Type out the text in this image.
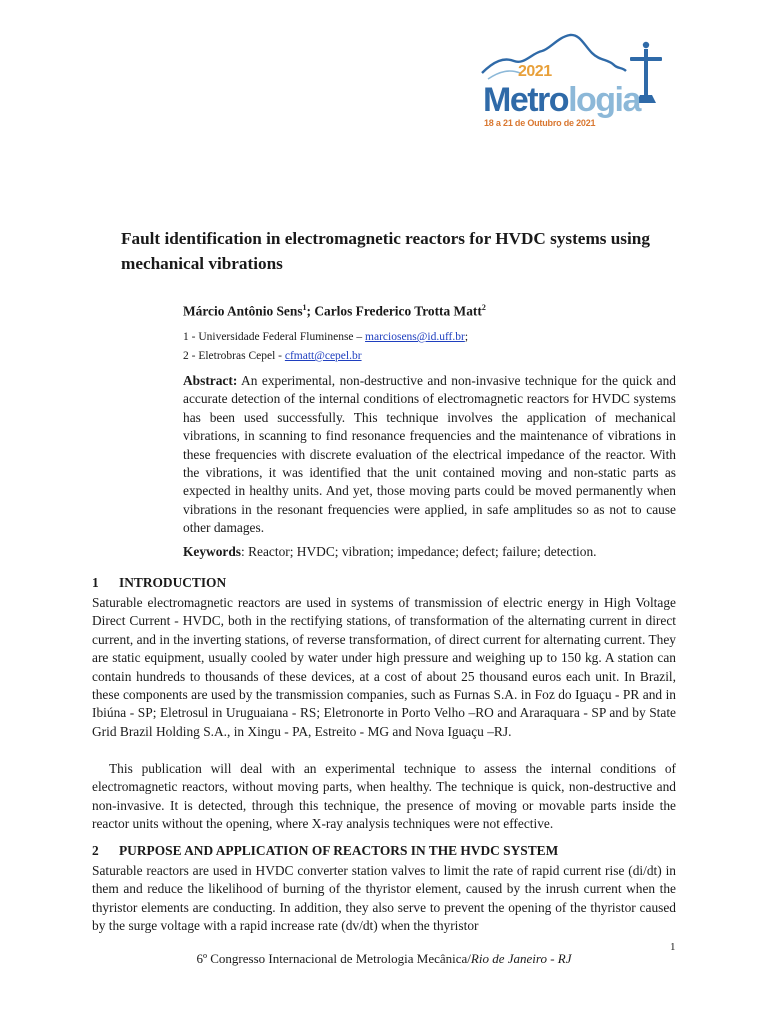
2021
Metrologia
18 a 21 de Outubro de 2021
Fault identification in electromagnetic reactors for HVDC systems using mechanical vibrations
Márcio Antônio Sens$^1$; Carlos Frederico Trotta Matt$^2$
1 - Universidade Federal Fluminense – marciosens@id.uff.br;
2 - Eletrobras Cepel - cfmatt@cepel.br

Abstract: An experimental, non-destructive and non-invasive technique for the quick and accurate detection of the internal conditions of electromagnetic reactors for HVDC systems has been used successfully. This technique involves the application of mechanical vibrations, in scanning to find resonance frequencies and the maintenance of vibrations in these frequencies with discrete evaluation of the electrical impedance of the reactor. With the vibrations, it was identified that the unit contained moving and non-static parts as expected in healthy units. And yet, those moving parts could be moved permanently when vibrations in the resonant frequencies were applied, in safe amplitudes so as not to cause other damages.

Keywords: Reactor; HVDC; vibration; impedance; defect; failure; detection.

1 INTRODUCTION

Saturable electromagnetic reactors are used in systems of transmission of electric energy in High Voltage Direct Current - HVDC, both in the rectifying stations, of transformation of the alternating current in direct current, and in the inverting stations, of reverse transformation, of direct current for alternating current. They are static equipment, usually cooled by water under high pressure and weighing up to 150 kg. A station can contain hundreds to thousands of these devices, at a cost of about 25 thousand euros each unit. In Brazil, these components are used by the transmission companies, such as Furnas S.A. in Foz do Iguaçu - PR and in Ibiúna - SP; Eletrosul in Uruguaiana - RS; Eletronorte in Porto Velho –RO and Araraquara - SP and by State Grid Brazil Holding S.A., in Xingu - PA, Estreito - MG and Nova Iguaçu –RJ.

This publication will deal with an experimental technique to assess the internal conditions of electromagnetic reactors, without moving parts, when healthy. The technique is quick, non-destructive and non-invasive. It is detected, through this technique, the presence of moving or movable parts inside the reactor units without the opening, where X-ray analysis techniques were not effective.

2 PURPOSE AND APPLICATION OF REACTORS IN THE HVDC SYSTEM

Saturable reactors are used in HVDC converter station valves to limit the rate of rapid current rise (di/dt) in them and reduce the likelihood of burning of the thyristor element, caused by the inrush current when the thyristor elements are conducting. In addition, they also serve to prevent the opening of the thyristor caused by the surge voltage with a rapid increase rate (dv/dt) when the thyristor

1
6º Congresso Internacional de Metrologia Mecânica/Rio de Janeiro - RJ
